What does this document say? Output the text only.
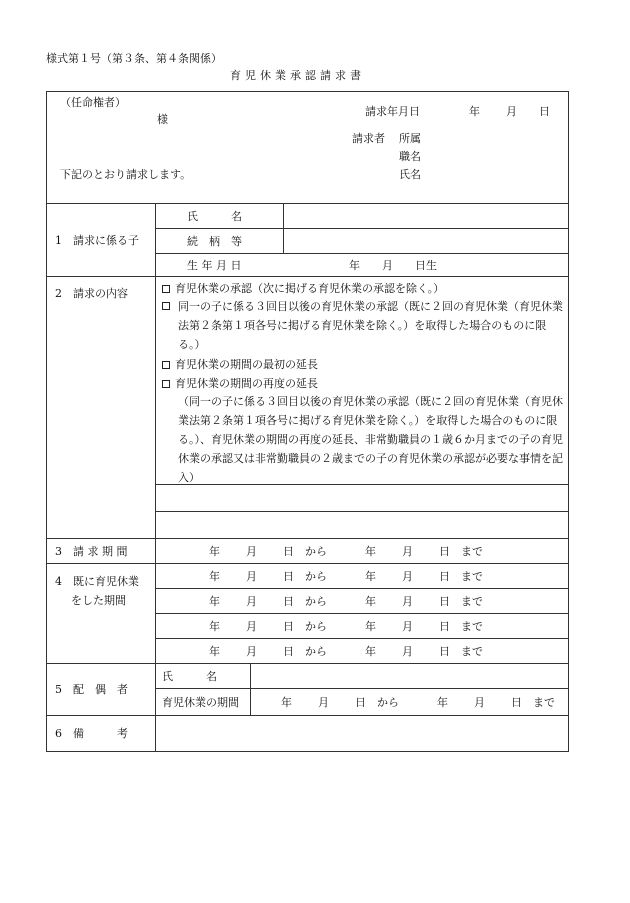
様式第１号（第３条、第４条関係）
育児休業承認請求書
（任命権者）
様
請求年月日	年 月 日
請求者 所属
職名
氏名
下記のとおり請求します。
1　請求に係る子
氏　　　名
続　柄　等
生 年 月 日	年　　月　　日生
2　請求の内容	育児休業の承認（次に掲げる育児休業の承認を除く。）
同一の子に係る３回目以後の育児休業の承認（既に２回の育児休業（育児休業法第２条第１項各号に掲げる育児休業を除く。）を取得した場合のものに限る。）
育児休業の期間の最初の延長
育児休業の期間の再度の延長
（同一の子に係る３回目以後の育児休業の承認（既に２回の育児休業（育児休業法第２条第１項各号に掲げる育児休業を除く。）を取得した場合のものに限る。）、育児休業の期間の再度の延長、非常勤職員の１歳６か月までの子の育児休業の承認又は非常勤職員の２歳までの子の育児休業の承認が必要な事情を記入）
3　請 求 期 間	年 月 日 から	年 月 日 まで
4　既に育児休業
をした期間
年 月 日 から	年 月 日 まで
年 月 日 から	年 月 日 まで
年 月 日 から	年 月 日 まで
年 月 日 から	年 月 日 まで
5　配　偶　者
氏　　　名
育児休業の期間	年 月 日 から	年 月 日 まで
6　備　　　考
